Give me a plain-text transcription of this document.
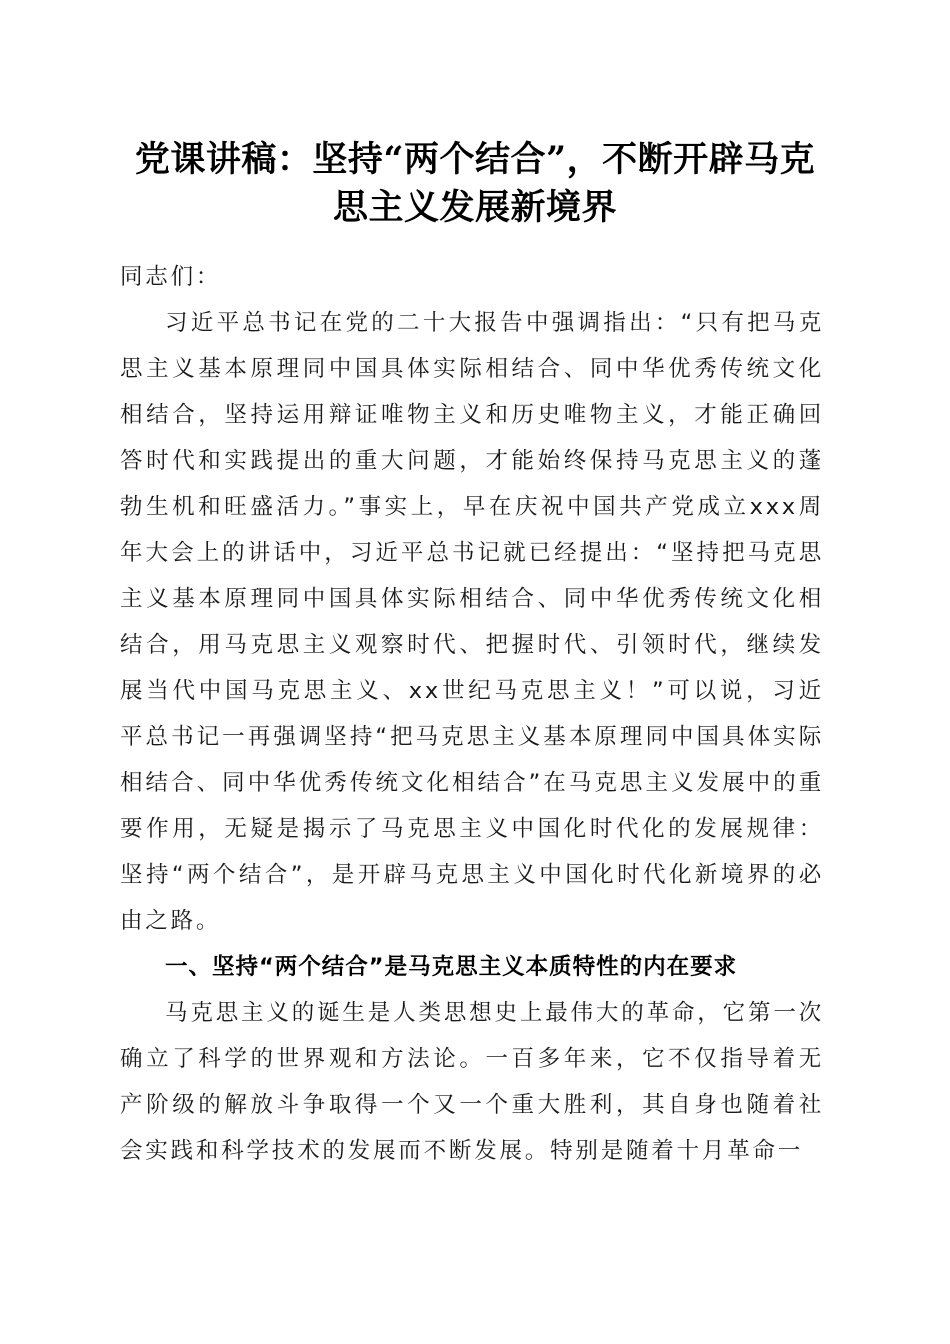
党课讲稿：坚持“两个结合”，不断开辟马克
思主义发展新境界

同志们：

习近平总书记在党的二十大报告中强调指出：“只有把马克思主义基本原理同中国具体实际相结合、同中华优秀传统文化相结合，坚持运用辩证唯物主义和历史唯物主义，才能正确回答时代和实践提出的重大问题，才能始终保持马克思主义的蓬勃生机和旺盛活力。”事实上，早在庆祝中国共产党成立xxx周年大会上的讲话中，习近平总书记就已经提出：“坚持把马克思主义基本原理同中国具体实际相结合、同中华优秀传统文化相结合，用马克思主义观察时代、把握时代、引领时代，继续发展当代中国马克思主义、xx世纪马克思主义！”可以说，习近平总书记一再强调坚持“把马克思主义基本原理同中国具体实际相结合、同中华优秀传统文化相结合”在马克思主义发展中的重要作用，无疑是揭示了马克思主义中国化时代化的发展规律：坚持“两个结合”，是开辟马克思主义中国化时代化新境界的必由之路。

一、坚持“两个结合”是马克思主义本质特性的内在要求

马克思主义的诞生是人类思想史上最伟大的革命，它第一次确立了科学的世界观和方法论。一百多年来，它不仅指导着无产阶级的解放斗争取得一个又一个重大胜利，其自身也随着社会实践和科学技术的发展而不断发展。特别是随着十月革命一
